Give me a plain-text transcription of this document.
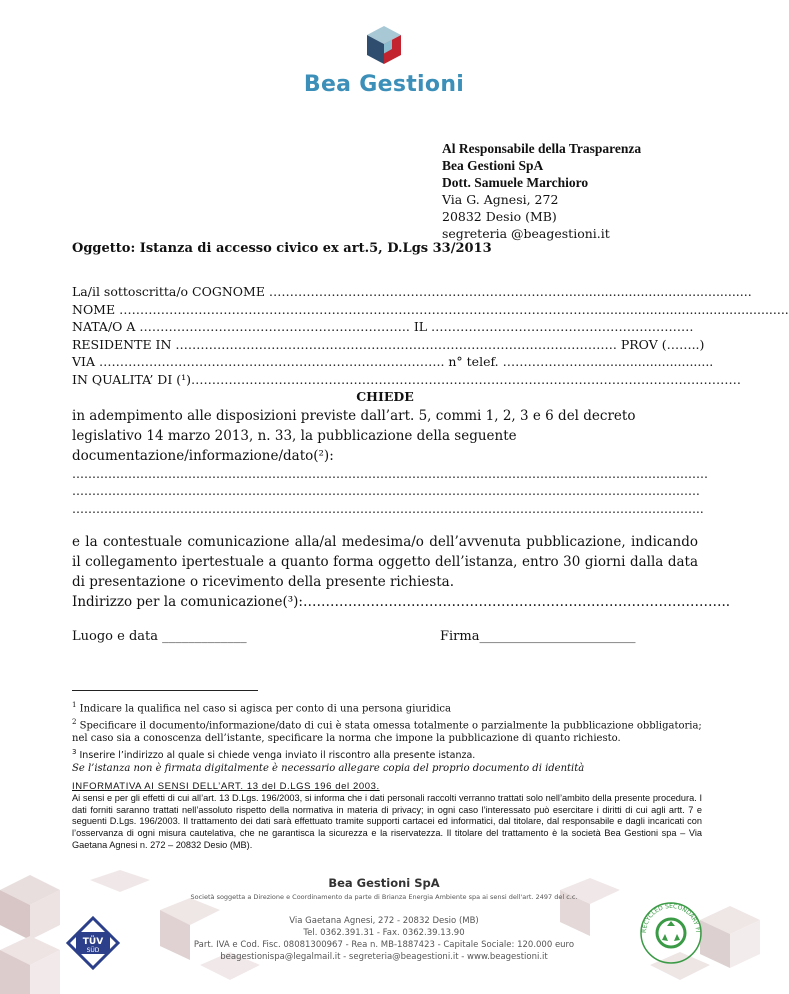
Bea Gestioni
Al Responsabile della Trasparenza
Bea Gestioni SpA
Dott. Samuele Marchioro
Via G. Agnesi, 272
20832 Desio (MB)
segreteria @beagestioni.it
Oggetto: Istanza di accesso civico ex art.5, D.Lgs 33/2013
La/il sottoscritta/o COGNOME ………………………………………………………………..............................................
NOME …………………………………………………………………………………………………….................................................
NATA/O A ……………………………………………………….. IL ………………………………………………………
RESIDENTE IN ……………………………………………………………………………………………. PROV (……..)
VIA ……………………………………………………………………….. n° telef. …………………...............................
IN QUALITA’ DI (¹)……………………………………………………………………………………………………………………
CHIEDE
in adempimento alle disposizioni previste dall’art. 5, commi 1, 2, 3 e 6 del decreto legislativo 14 marzo 2013, n. 33, la pubblicazione della seguente documentazione/informazione/dato(²):
……………………………………………………………………………………………………………………………………………
………………………………………………………………………………………………………………………………………….
…………………………………………………………………………………………………………………………………………..
e la contestuale comunicazione alla/al medesima/o dell’avvenuta pubblicazione, indicando il collegamento ipertestuale a quanto forma oggetto dell’istanza, entro 30 giorni dalla data di presentazione o ricevimento della presente richiesta.
Indirizzo per la comunicazione(³):…………………………………………………………………………………..
Luogo e data _____________	Firma________________________
$^1$ Indicare la qualifica nel caso si agisca per conto di una persona giuridica
$^2$ Specificare il documento/informazione/dato di cui è stata omessa totalmente o parzialmente la pubblicazione obbligatoria; nel caso sia a conoscenza dell’istante, specificare la norma che impone la pubblicazione di quanto richiesto.
$^3$ Inserire l’indirizzo al quale si chiede venga inviato il riscontro alla presente istanza.
Se l’istanza non è firmata digitalmente è necessario allegare copia del proprio documento di identità
INFORMATIVA AI SENSI DELL’ART. 13 del D.LGS 196 del 2003.
Ai sensi e per gli effetti di cui all’art. 13 D.Lgs. 196/2003, si informa che i dati personali raccolti verranno trattati solo nell’ambito della presente procedura. I dati forniti saranno trattati nell’assoluto rispetto della normativa in materia di privacy; in ogni caso l’interessato può esercitare i diritti di cui agli artt. 7 e seguenti D.Lgs. 196/2003. Il trattamento dei dati sarà effettuato tramite supporti cartacei ed informatici, dal titolare, dal responsabile e dagli incaricati con l’osservanza di ogni misura cautelativa, che ne garantisca la sicurezza e la riservatezza. Il titolare del trattamento è la società Bea Gestioni spa – Via Gaetana Agnesi n. 272 – 20832 Desio (MB).
Bea Gestioni SpA
Società soggetta a Direzione e Coordinamento da parte di Brianza Energia Ambiente spa ai sensi dell'art. 2497 del c.c.
Via Gaetana Agnesi, 272 - 20832 Desio (MB)
Tel. 0362.391.31 - Fax. 0362.39.13.90
Part. IVA e Cod. Fisc. 08081300967 - Rea n. MB-1887423 - Capitale Sociale: 120.000 euro
beagestionispa@legalmail.it - segreteria@beagestioni.it - www.beagestioni.it
TÜV
SÜD
RECYCLED SECONDARY FI
